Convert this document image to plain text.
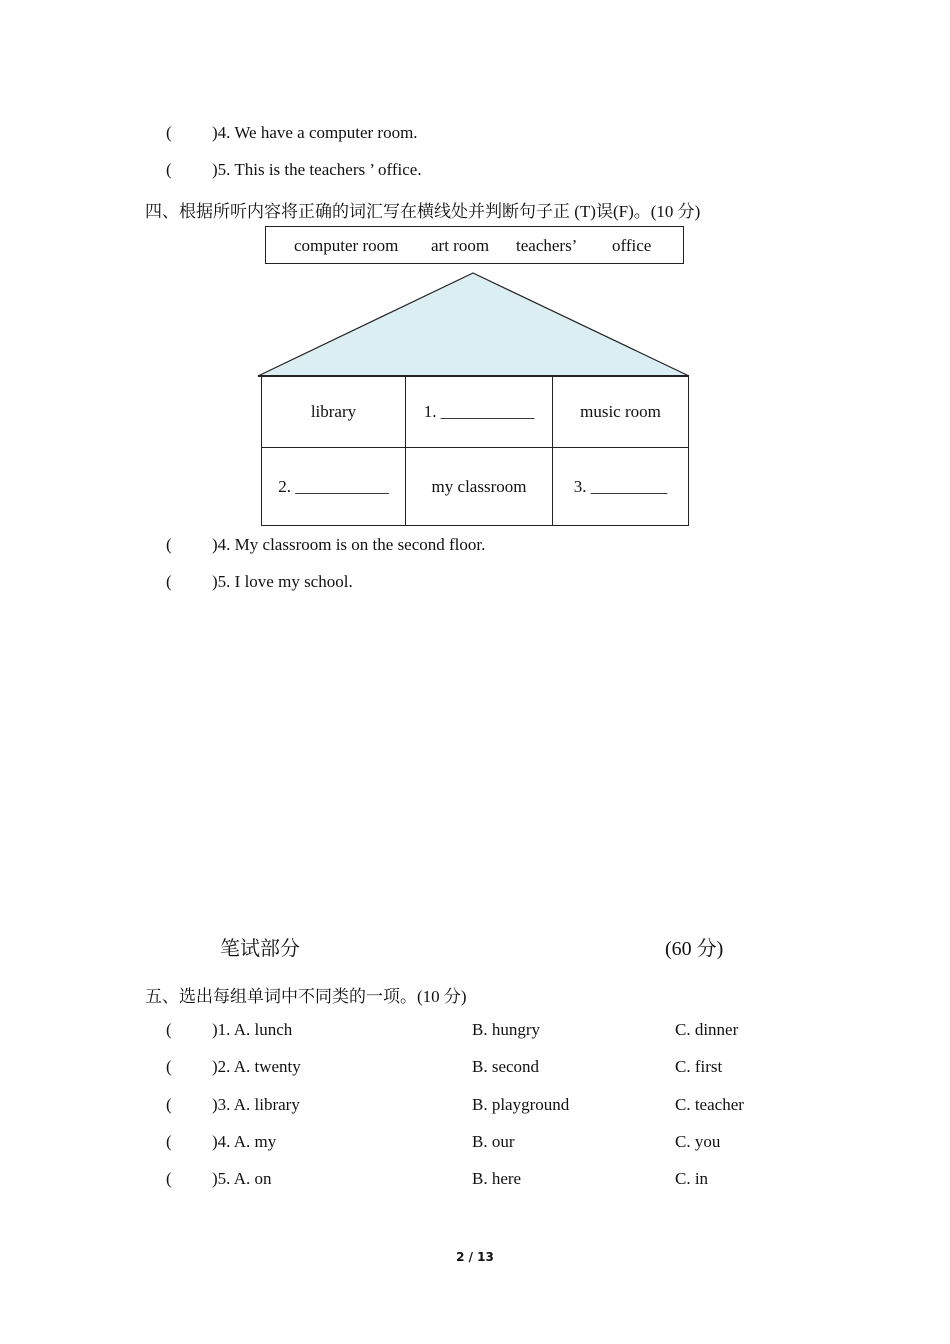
( )4. We have a computer room.
( )5. This is the teachers ’ office.
四、根据所听内容将正确的词汇写在横线处并判断句子正 (T)误(F)。(10 分)
computer room art room teachers’ office
library	1. ___________	music room
2. ___________	my classroom	3. _________
( )4. My classroom is on the second floor.
( )5. I love my school.
笔试部分	(60 分)
五、选出每组单词中不同类的一项。(10 分)
( )1. A. lunch	B. hungry	C. dinner
( )2. A. twenty	B. second	C. first
( )3. A. library	B. playground	C. teacher
( )4. A. my	B. our	C. you
( )5. A. on	B. here	C. in
2 / 13
